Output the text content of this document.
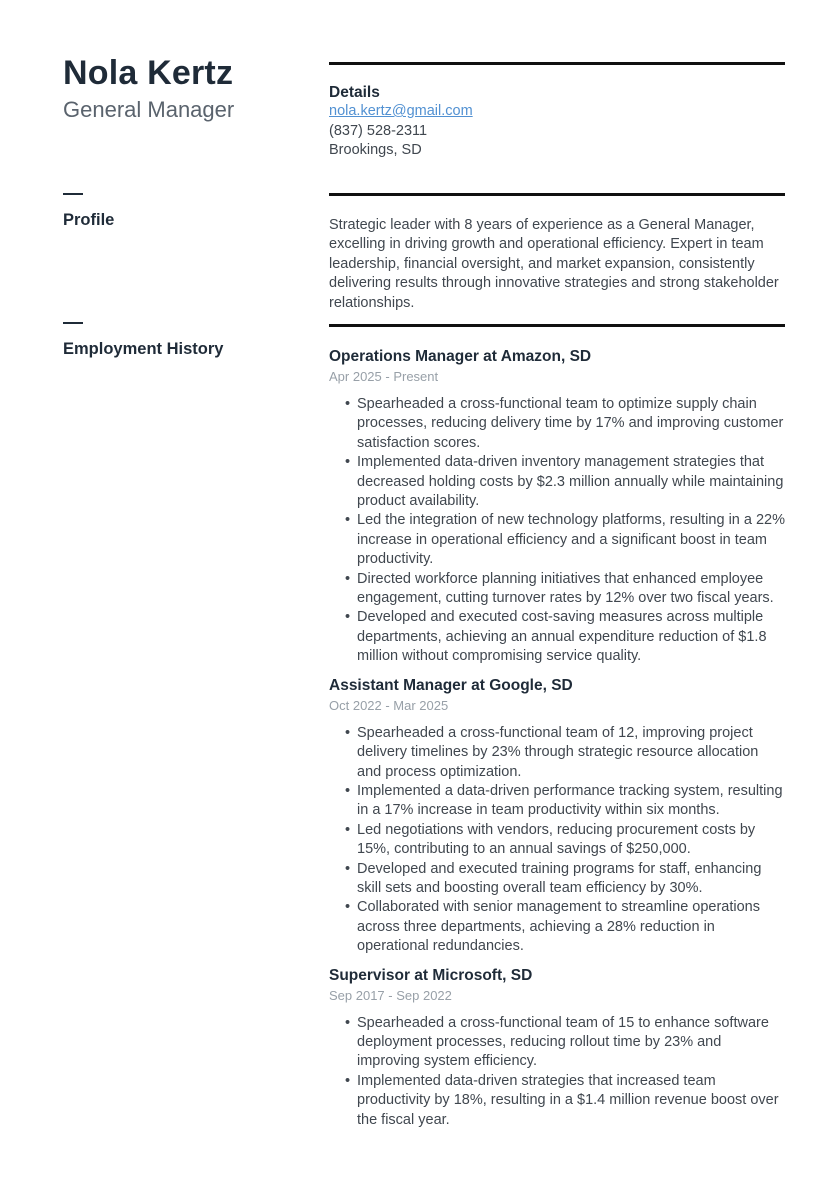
Nola Kertz
General Manager
Profile
Employment History
Details
nola.kertz@gmail.com
(837) 528-2311
Brookings, SD

Strategic leader with 8 years of experience as a General Manager, excelling in driving growth and operational efficiency. Expert in team leadership, financial oversight, and market expansion, consistently delivering results through innovative strategies and strong stakeholder relationships.

Operations Manager at Amazon, SD
Apr 2025 - Present
• Spearheaded a cross-functional team to optimize supply chain processes, reducing delivery time by 17% and improving customer satisfaction scores.
• Implemented data-driven inventory management strategies that decreased holding costs by $2.3 million annually while maintaining product availability.
• Led the integration of new technology platforms, resulting in a 22% increase in operational efficiency and a significant boost in team productivity.
• Directed workforce planning initiatives that enhanced employee engagement, cutting turnover rates by 12% over two fiscal years.
• Developed and executed cost-saving measures across multiple departments, achieving an annual expenditure reduction of $1.8 million without compromising service quality.
Assistant Manager at Google, SD
Oct 2022 - Mar 2025
• Spearheaded a cross-functional team of 12, improving project delivery timelines by 23% through strategic resource allocation and process optimization.
• Implemented a data-driven performance tracking system, resulting in a 17% increase in team productivity within six months.
• Led negotiations with vendors, reducing procurement costs by 15%, contributing to an annual savings of $250,000.
• Developed and executed training programs for staff, enhancing skill sets and boosting overall team efficiency by 30%.
• Collaborated with senior management to streamline operations across three departments, achieving a 28% reduction in operational redundancies.
Supervisor at Microsoft, SD
Sep 2017 - Sep 2022
• Spearheaded a cross-functional team of 15 to enhance software deployment processes, reducing rollout time by 23% and improving system efficiency.
• Implemented data-driven strategies that increased team productivity by 18%, resulting in a $1.4 million revenue boost over the fiscal year.
